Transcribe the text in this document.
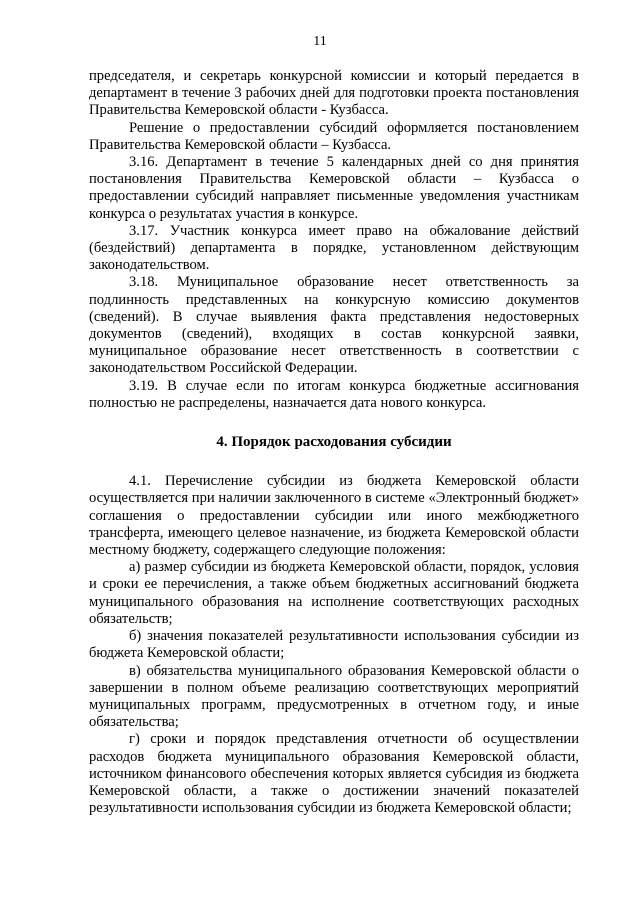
11

председателя, и секретарь конкурсной комиссии и который передается в департамент в течение 3 рабочих дней для подготовки проекта постановления Правительства Кемеровской области - Кузбасса.

Решение о предоставлении субсидий оформляется постановлением Правительства Кемеровской области – Кузбасса.

3.16. Департамент в течение 5 календарных дней со дня принятия постановления Правительства Кемеровской области – Кузбасса о предоставлении субсидий направляет письменные уведомления участникам конкурса о результатах участия в конкурсе.

3.17. Участник конкурса имеет право на обжалование действий (бездействий) департамента в порядке, установленном действующим законодательством.

3.18. Муниципальное образование несет ответственность за подлинность представленных на конкурсную комиссию документов (сведений). В случае выявления факта представления недостоверных документов (сведений), входящих в состав конкурсной заявки, муниципальное образование несет ответственность в соответствии с законодательством Российской Федерации.

3.19. В случае если по итогам конкурса бюджетные ассигнования полностью не распределены, назначается дата нового конкурса.

4. Порядок расходования субсидии

4.1. Перечисление субсидии из бюджета Кемеровской области осуществляется при наличии заключенного в системе «Электронный бюджет» соглашения о предоставлении субсидии или иного межбюджетного трансферта, имеющего целевое назначение, из бюджета Кемеровской области местному бюджету, содержащего следующие положения:

а) размер субсидии из бюджета Кемеровской области, порядок, условия и сроки ее перечисления, а также объем бюджетных ассигнований бюджета муниципального образования на исполнение соответствующих расходных обязательств;

б) значения показателей результативности использования субсидии из бюджета Кемеровской области;

в) обязательства муниципального образования Кемеровской области о завершении в полном объеме реализацию соответствующих мероприятий муниципальных программ, предусмотренных в отчетном году, и иные обязательства;

г) сроки и порядок представления отчетности об осуществлении расходов бюджета муниципального образования Кемеровской области, источником финансового обеспечения которых является субсидия из бюджета Кемеровской области, а также о достижении значений показателей результативности использования субсидии из бюджета Кемеровской области;
